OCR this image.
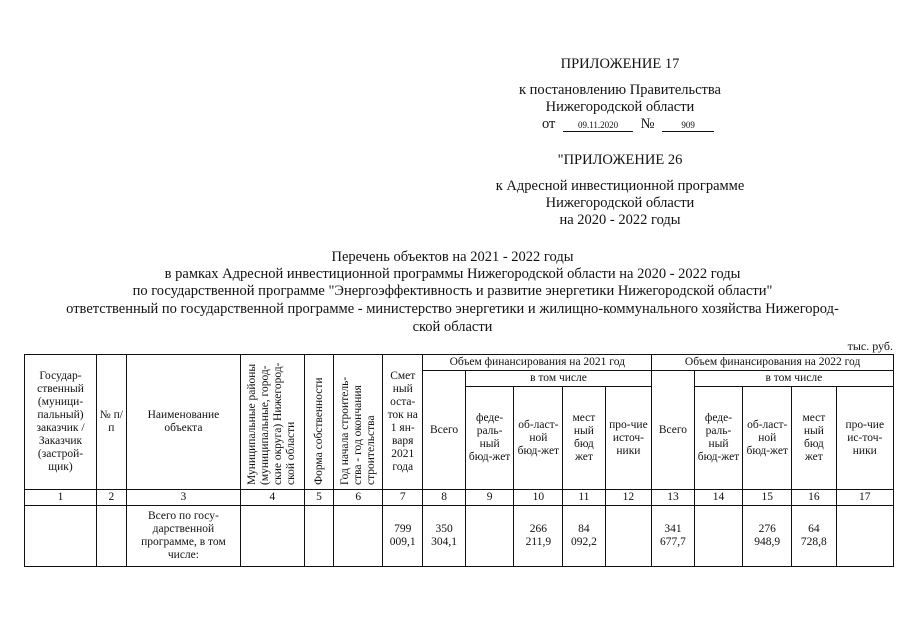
ПРИЛОЖЕНИЕ 17
к постановлению Правительства
Нижегородской области
от	09.11.2020 №	909
"ПРИЛОЖЕНИЕ 26
к Адресной инвестиционной программе
Нижегородской области
на 2020 - 2022 годы
Перечень объектов на 2021 - 2022 годы
в рамках Адресной инвестиционной программы Нижегородской области на 2020 - 2022 годы
по государственной программе "Энергоэффективность и развитие энергетики Нижегородской области"
ответственный по государственной программе - министерство энергетики и жилищно-коммунального хозяйства Нижегород-
ской области
тыс. руб.
Государ-ственный (муници-пальный) заказчик / Заказчик (застрой-щик)	№ п/п	Наименование объекта	Муниципальные районы (муниципальные, город-ские округа) Нижегород-ской области	Форма собственности	Год начала строитель-ства - год окончания строительства	Смет ный оста-ток на 1 ян-варя 2021 года	Объем финансирования на 2021 год					Объем финансирования на 2022 год				
							Всего	в том числе				Всего	в том числе			
								феде-раль-ный бюд-жет	об-ласт-ной бюд-жет	мест ный бюд жет	про-чие источ-ники		феде-раль-ный бюд-жет	об-ласт-ной бюд-жет	мест ный бюд жет	про-чие ис-точ-ники
1	2	3	4	5	6	7	8	9	10	11	12	13	14	15	16	17
		Всего по госу-дарственной программе, в том числе:				799 009,1	350 304,1		266 211,9	84 092,2		341 677,7		276 948,9	64 728,8	
